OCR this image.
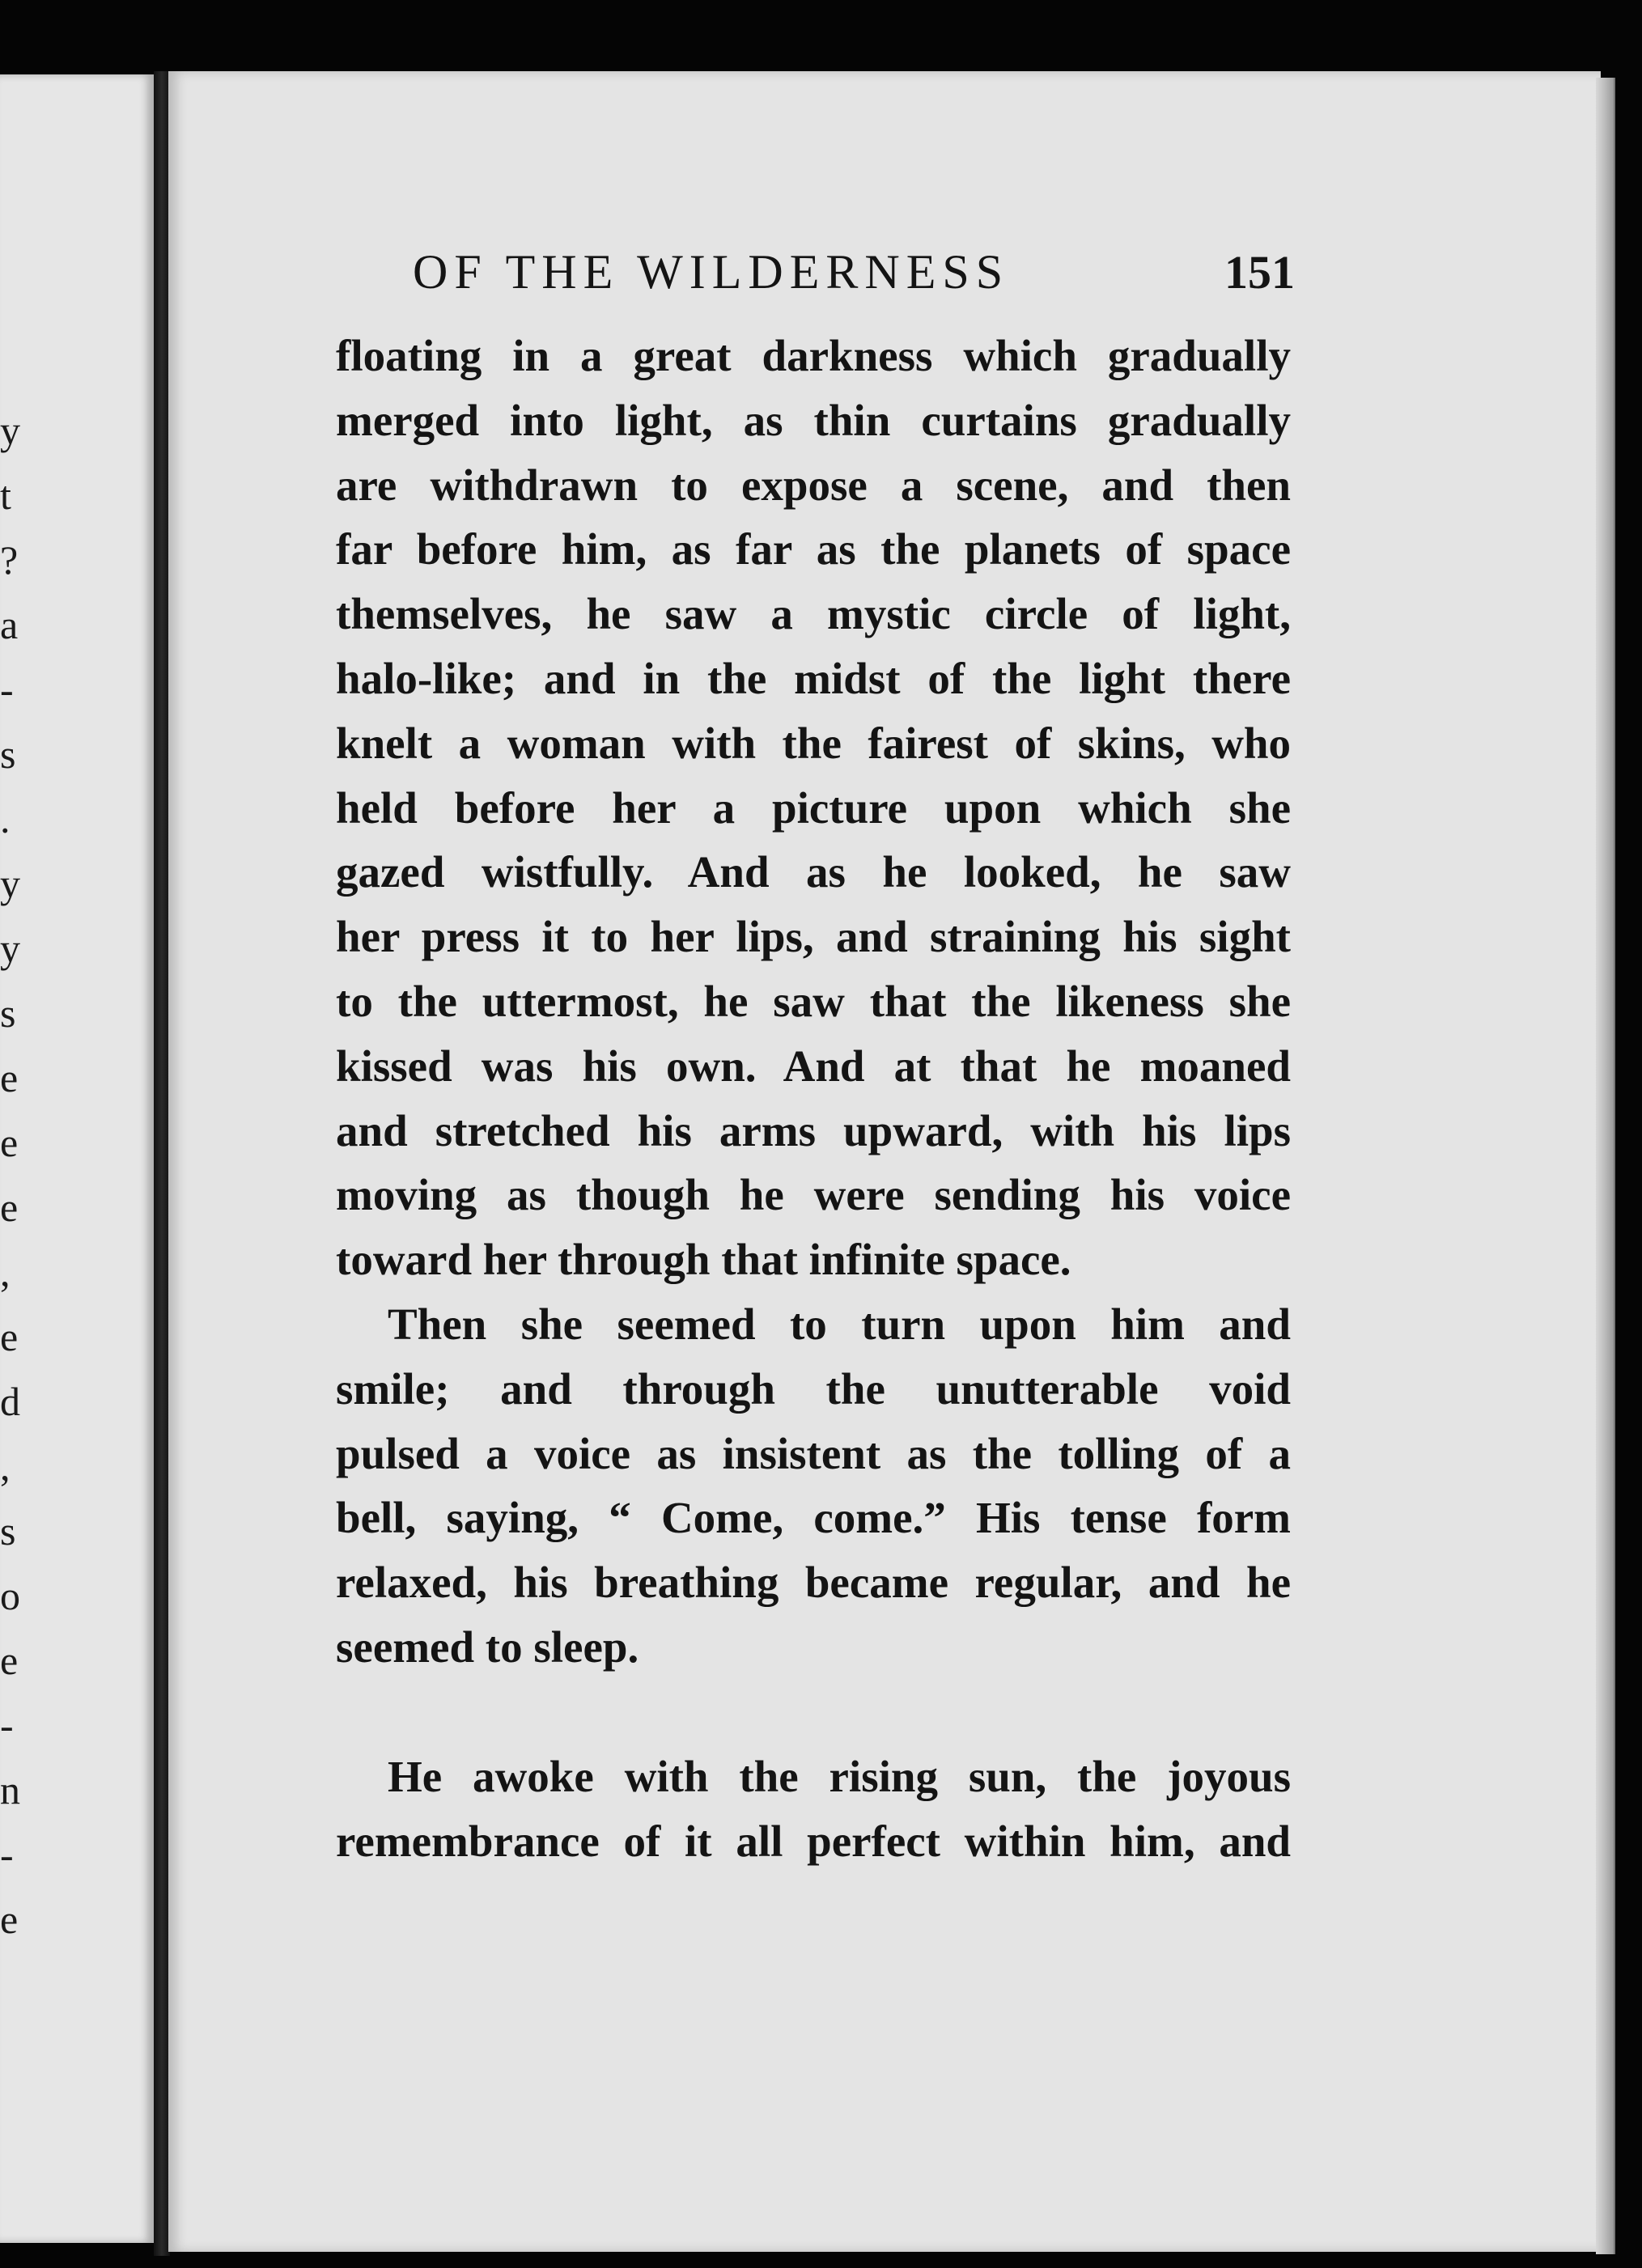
y
t
?
a
-
s
.
y
y
s
e
e
e
,
e
d
,
s
o
e
-
n
-
e
OF THE WILDERNESS	151

floating in a great darkness which gradually
merged into light, as thin curtains gradually
are withdrawn to expose a scene, and then
far before him, as far as the planets of space
themselves, he saw a mystic circle of light,
halo-like; and in the midst of the light there
knelt a woman with the fairest of skins, who
held before her a picture upon which she
gazed wistfully. And as he looked, he saw
her press it to her lips, and straining his sight
to the uttermost, he saw that the likeness she
kissed was his own. And at that he moaned
and stretched his arms upward, with his lips
moving as though he were sending his voice
toward her through that infinite space.

Then she seemed to turn upon him and
smile; and through the unutterable void
pulsed a voice as insistent as the tolling of a
bell, saying, “ Come, come.” His tense form
relaxed, his breathing became regular, and he
seemed to sleep.

He awoke with the rising sun, the joyous
remembrance of it all perfect within him, and
